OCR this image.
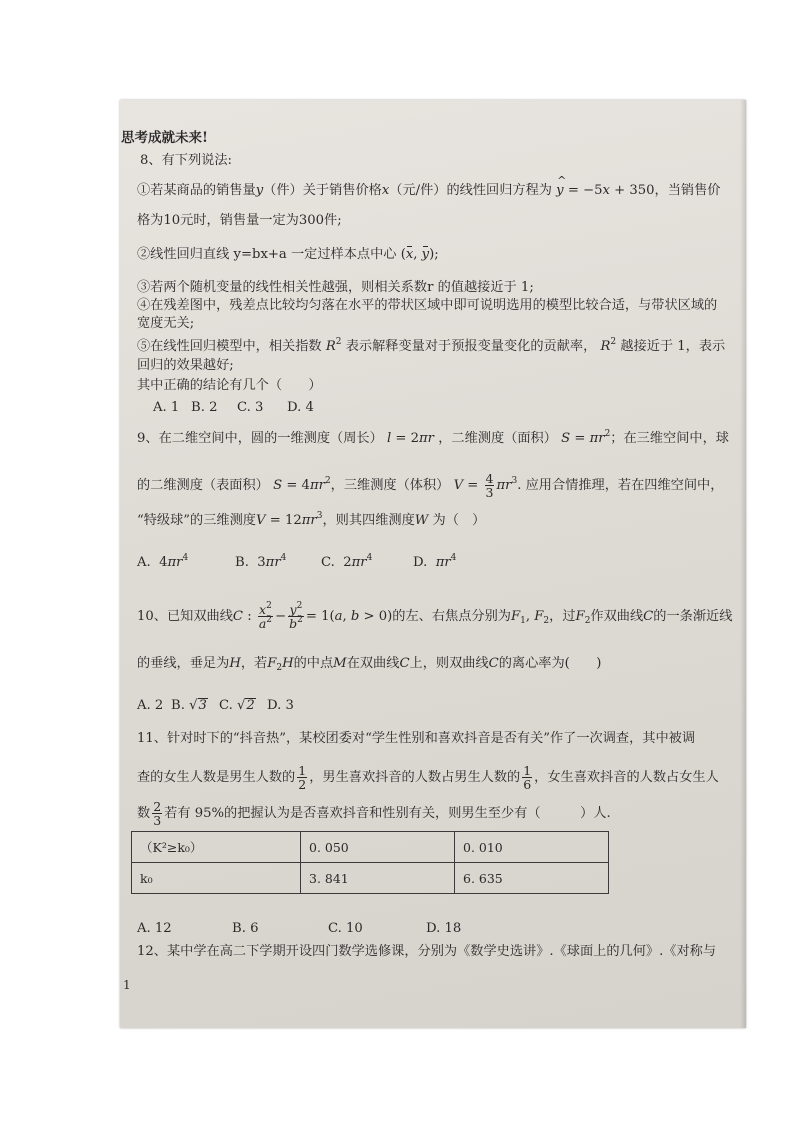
思考成就未来!
8、有下列说法:
①若某商品的销售量y（件）关于销售价格x（元/件）的线性回归方程为 ^ y = −5x + 350，当销售价
格为10元时，销售量一定为300件;
②线性回归直线 y=bx+a 一定过样本点中心 (x, y);
③若两个随机变量的线性相关性越强，则相关系数r 的值越接近于 1;
④在残差图中，残差点比较均匀落在水平的带状区域中即可说明选用的模型比较合适，与带状区域的
宽度无关;
⑤在线性回归模型中，相关指数 $R^2$ 表示解释变量对于预报变量变化的贡献率， $R^2$ 越接近于 1，表示
回归的效果越好;
其中正确的结论有几个（　　）
A. 1 B. 2 C. 3 D. 4
9、在二维空间中，圆的一维测度（周长） l = 2πr ，二维测度（面积） $S = \pi r^2$；在三维空间中，球
的二维测度（表面积） $S = 4\pi r^2$，三维测度（体积） $V = \frac{4}{3} \pi r^3$. 应用合情推理，若在四维空间中，
“特级球”的三维测度$V = 12\pi r^3$，则其四维测度W 为（　）
A.  $4\pi r^4$	B.  $3\pi r^4$	C.  $2\pi r^4$	D. $\pi r^4$
10、已知双曲线C : $\frac{x^2}{a^2} - \frac{y^2}{b^2} = 1(a$, b > 0)的左、右焦点分别为$F_1$, $F_2$，过$F_2$作双曲线C的一条渐近线
的垂线，垂足为H，若$F_2H$的中点M在双曲线C上，则双曲线C的离心率为(　　)
A. 2 B. √3 C. √2 D. 3
11、针对时下的“抖音热”，某校团委对“学生性别和喜欢抖音是否有关”作了一次调查，其中被调
查的女生人数是男生人数的 $\frac{1}{2}$ ，男生喜欢抖音的人数占男生人数的 $\frac{1}{6}$ ，女生喜欢抖音的人数占女生人
数 $\frac{2}{3}$ 若有 95%的把握认为是否喜欢抖音和性别有关，则男生至少有（　　　）人.
（K²≥k₀）	0. 050	0. 010
k₀	3. 841	6. 635
A. 12	B. 6	C. 10	D. 18
12、某中学在高二下学期开设四门数学选修课，分别为《数学史选讲》.《球面上的几何》.《对称与
1
